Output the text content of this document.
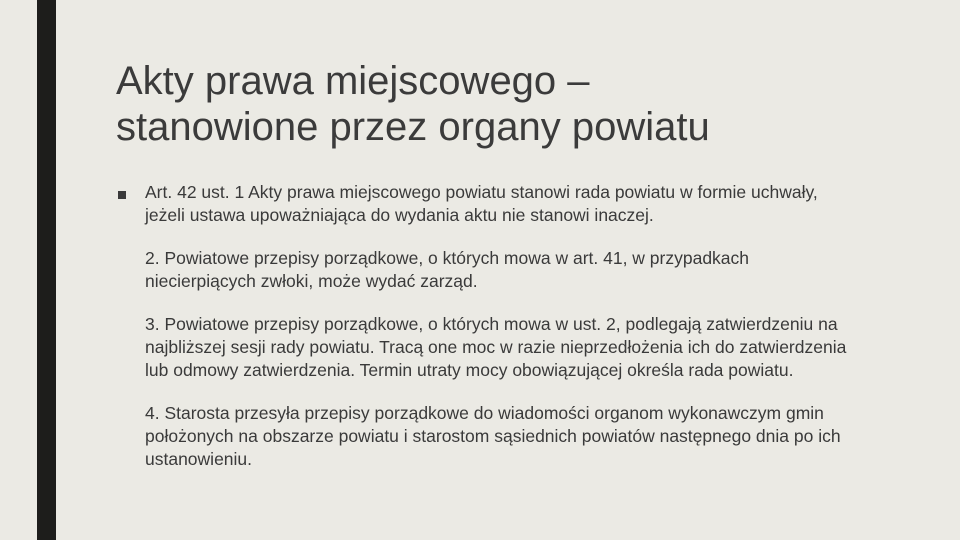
Akty prawa miejscowego –
stanowione przez organy powiatu

Art. 42 ust. 1 Akty prawa miejscowego powiatu stanowi rada powiatu w formie uchwały, jeżeli ustawa upoważniająca do wydania aktu nie stanowi inaczej.

2. Powiatowe przepisy porządkowe, o których mowa w art. 41, w przypadkach niecierpiących zwłoki, może wydać zarząd.

3. Powiatowe przepisy porządkowe, o których mowa w ust. 2, podlegają zatwierdzeniu na najbliższej sesji rady powiatu. Tracą one moc w razie nieprzedłożenia ich do zatwierdzenia lub odmowy zatwierdzenia. Termin utraty mocy obowiązującej określa rada powiatu.

4. Starosta przesyła przepisy porządkowe do wiadomości organom wykonawczym gmin położonych na obszarze powiatu i starostom sąsiednich powiatów następnego dnia po ich ustanowieniu.
